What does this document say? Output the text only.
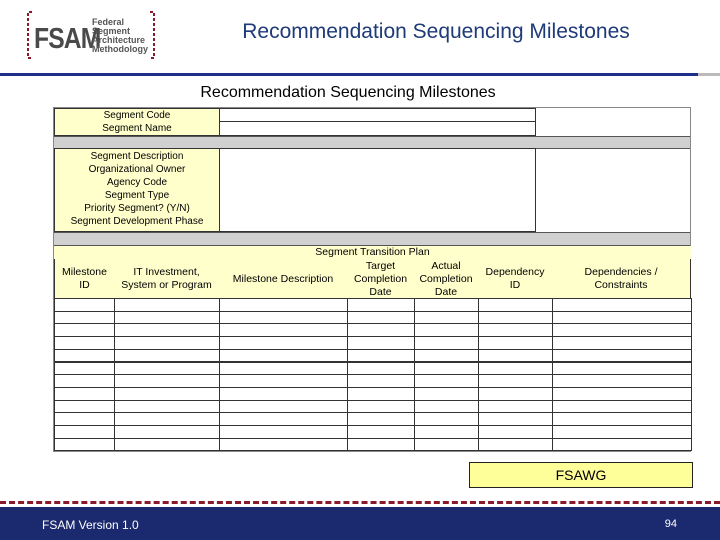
FSAM
Federal
Segment
Architecture
Methodology
Recommendation Sequencing Milestones
Recommendation Sequencing Milestones
Segment Code
Segment Name
Segment Description
Organizational Owner
Agency Code
Segment Type
Priority Segment? (Y/N)
Segment Development Phase
Segment Transition Plan
Milestone
ID
IT Investment,
System or Program
Milestone Description
Target
Completion
Date
Actual
Completion
Date
Dependency
ID
Dependencies /
Constraints
FSAWG
FSAM Version 1.0	94
